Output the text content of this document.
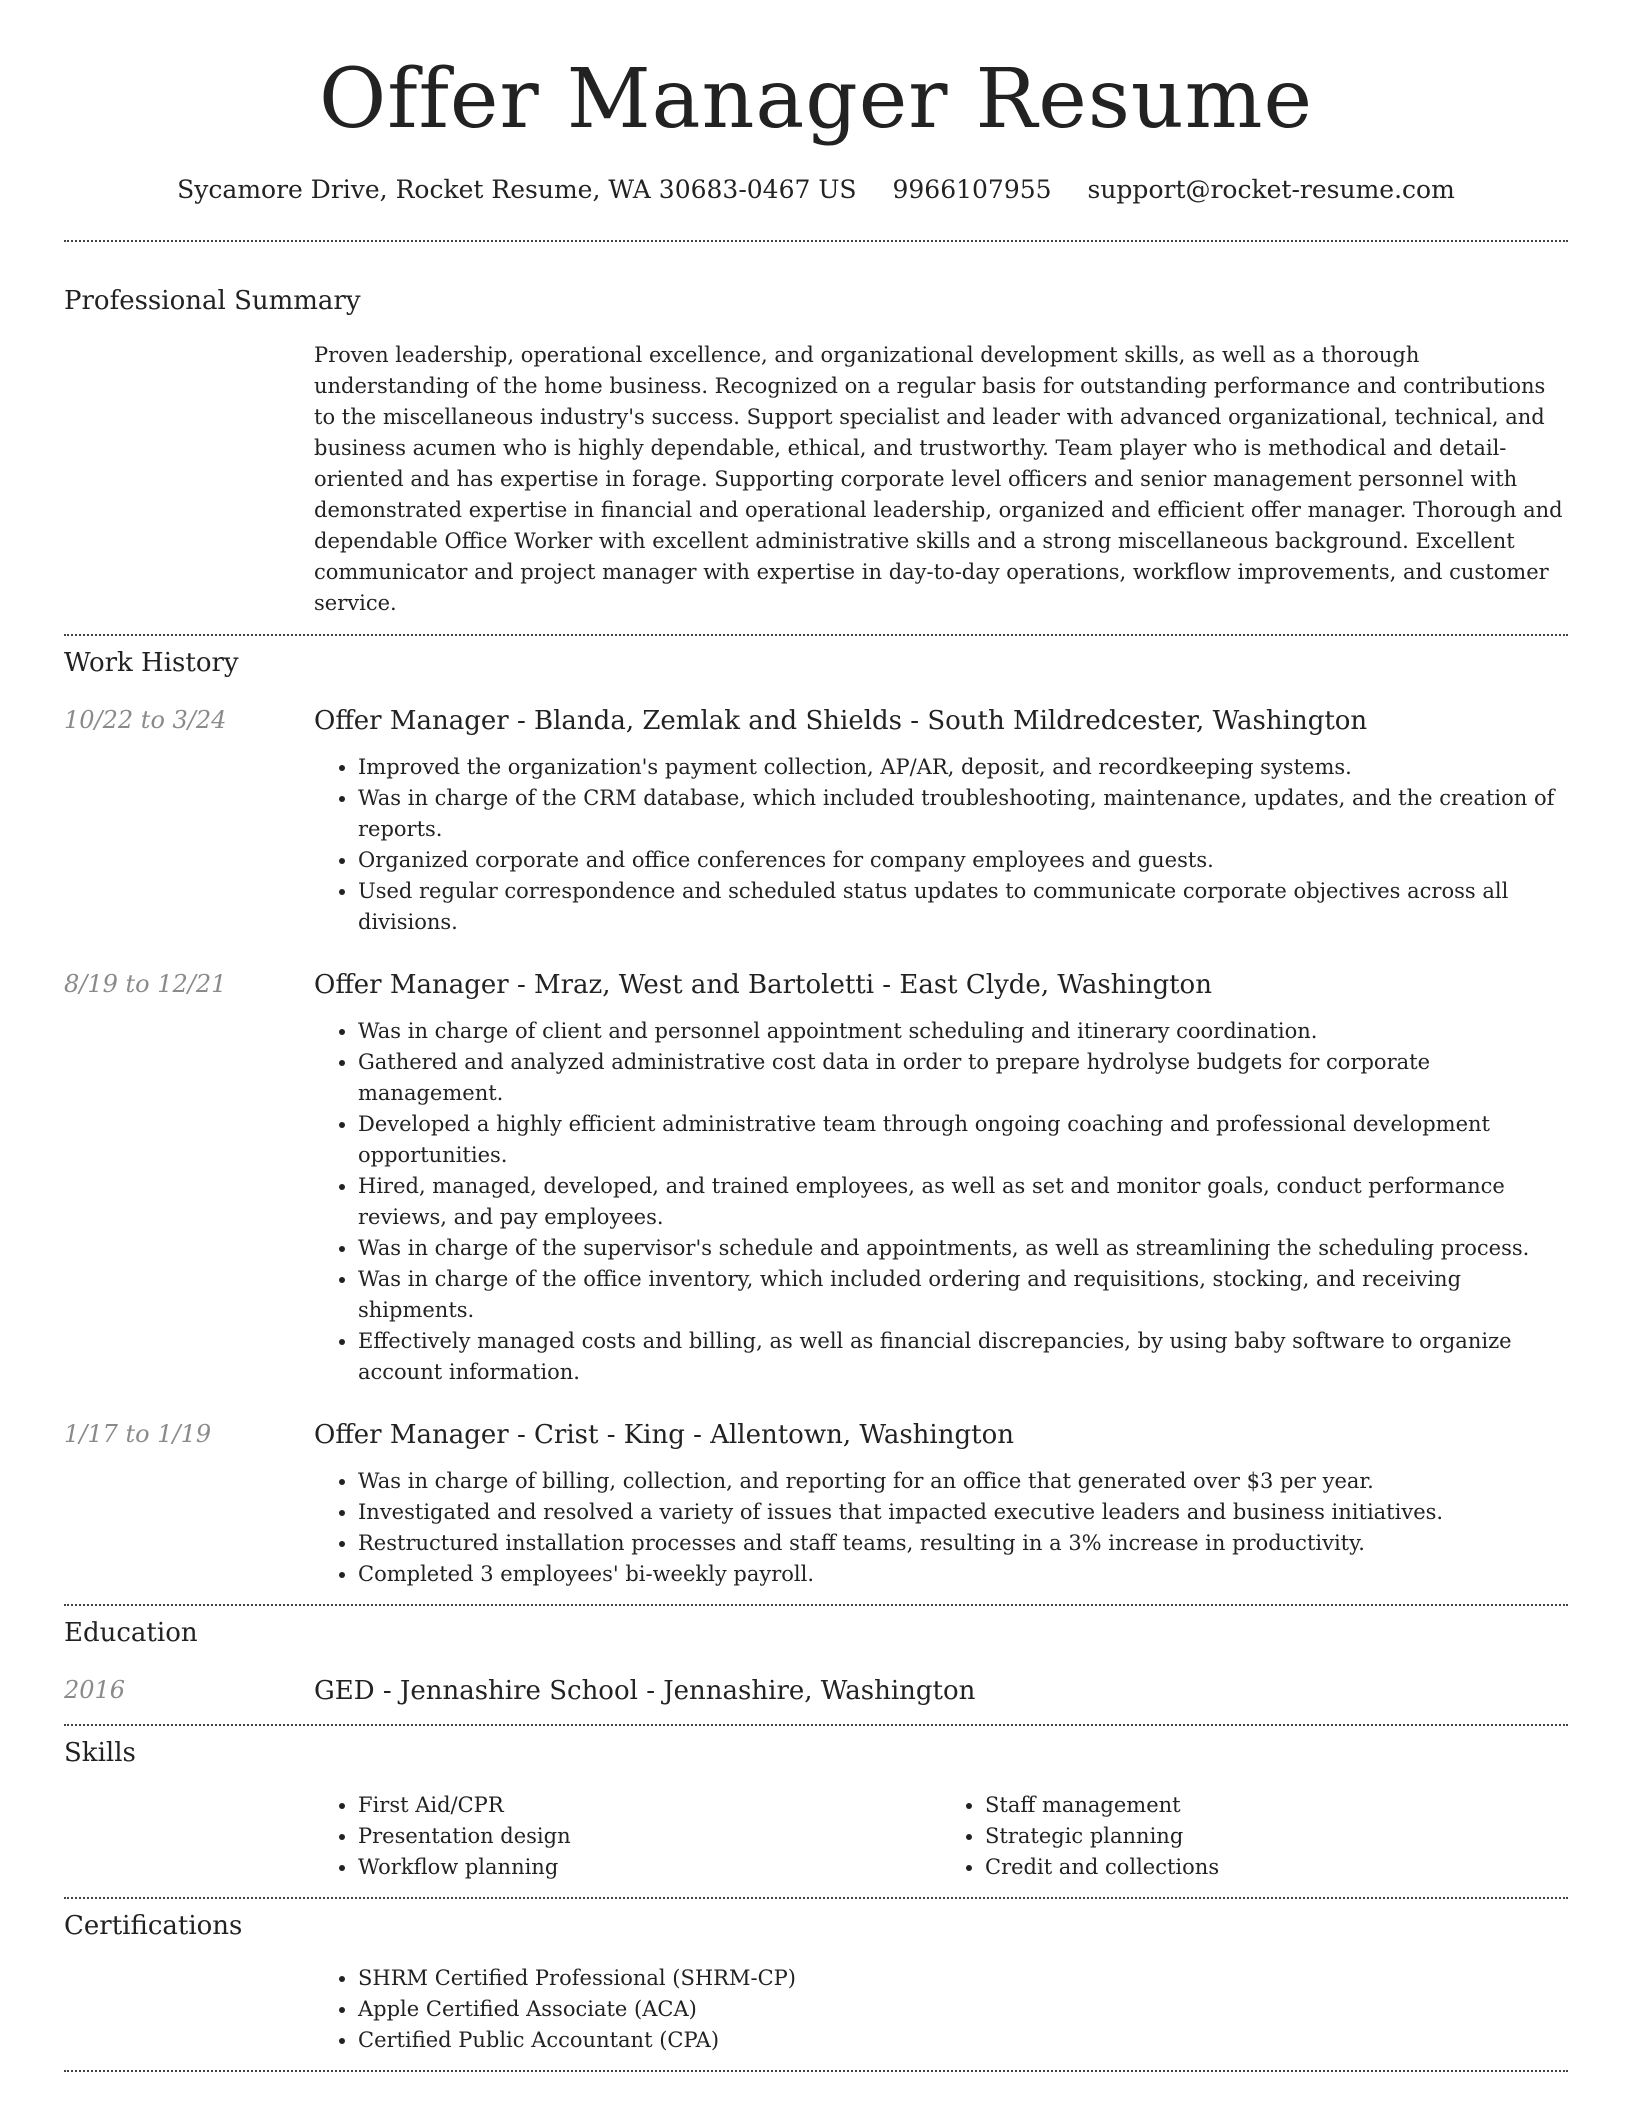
Offer Manager Resume
Sycamore Drive, Rocket Resume, WA 30683-0467 US 9966107955 support@rocket-resume.com
Professional Summary

Proven leadership, operational excellence, and organizational development skills, as well as a thorough understanding of the home business. Recognized on a regular basis for outstanding performance and contributions to the miscellaneous industry's success. Support specialist and leader with advanced organizational, technical, and business acumen who is highly dependable, ethical, and trustworthy. Team player who is methodical and detail-oriented and has expertise in forage. Supporting corporate level officers and senior management personnel with demonstrated expertise in financial and operational leadership, organized and efficient offer manager. Thorough and dependable Office Worker with excellent administrative skills and a strong miscellaneous background. Excellent communicator and project manager with expertise in day-to-day operations, workflow improvements, and customer service.

Work History
10/22 to 3/24	Offer Manager - Blanda, Zemlak and Shields - South Mildredcester, Washington
• Improved the organization's payment collection, AP/AR, deposit, and recordkeeping systems.
• Was in charge of the CRM database, which included troubleshooting, maintenance, updates, and the creation of reports.
• Organized corporate and office conferences for company employees and guests.
• Used regular correspondence and scheduled status updates to communicate corporate objectives across all divisions.
8/19 to 12/21	Offer Manager - Mraz, West and Bartoletti - East Clyde, Washington
• Was in charge of client and personnel appointment scheduling and itinerary coordination.
• Gathered and analyzed administrative cost data in order to prepare hydrolyse budgets for corporate management.
• Developed a highly efficient administrative team through ongoing coaching and professional development opportunities.
• Hired, managed, developed, and trained employees, as well as set and monitor goals, conduct performance reviews, and pay employees.
• Was in charge of the supervisor's schedule and appointments, as well as streamlining the scheduling process.
• Was in charge of the office inventory, which included ordering and requisitions, stocking, and receiving shipments.
• Effectively managed costs and billing, as well as financial discrepancies, by using baby software to organize account information.
1/17 to 1/19	Offer Manager - Crist - King - Allentown, Washington
• Was in charge of billing, collection, and reporting for an office that generated over $3 per year.
• Investigated and resolved a variety of issues that impacted executive leaders and business initiatives.
• Restructured installation processes and staff teams, resulting in a 3% increase in productivity.
• Completed 3 employees' bi-weekly payroll.
Education
2016	GED - Jennashire School - Jennashire, Washington
Skills
• First Aid/CPR
• Presentation design
• Workflow planning
• Staff management
• Strategic planning
• Credit and collections
Certifications
• SHRM Certified Professional (SHRM-CP)
• Apple Certified Associate (ACA)
• Certified Public Accountant (CPA)
